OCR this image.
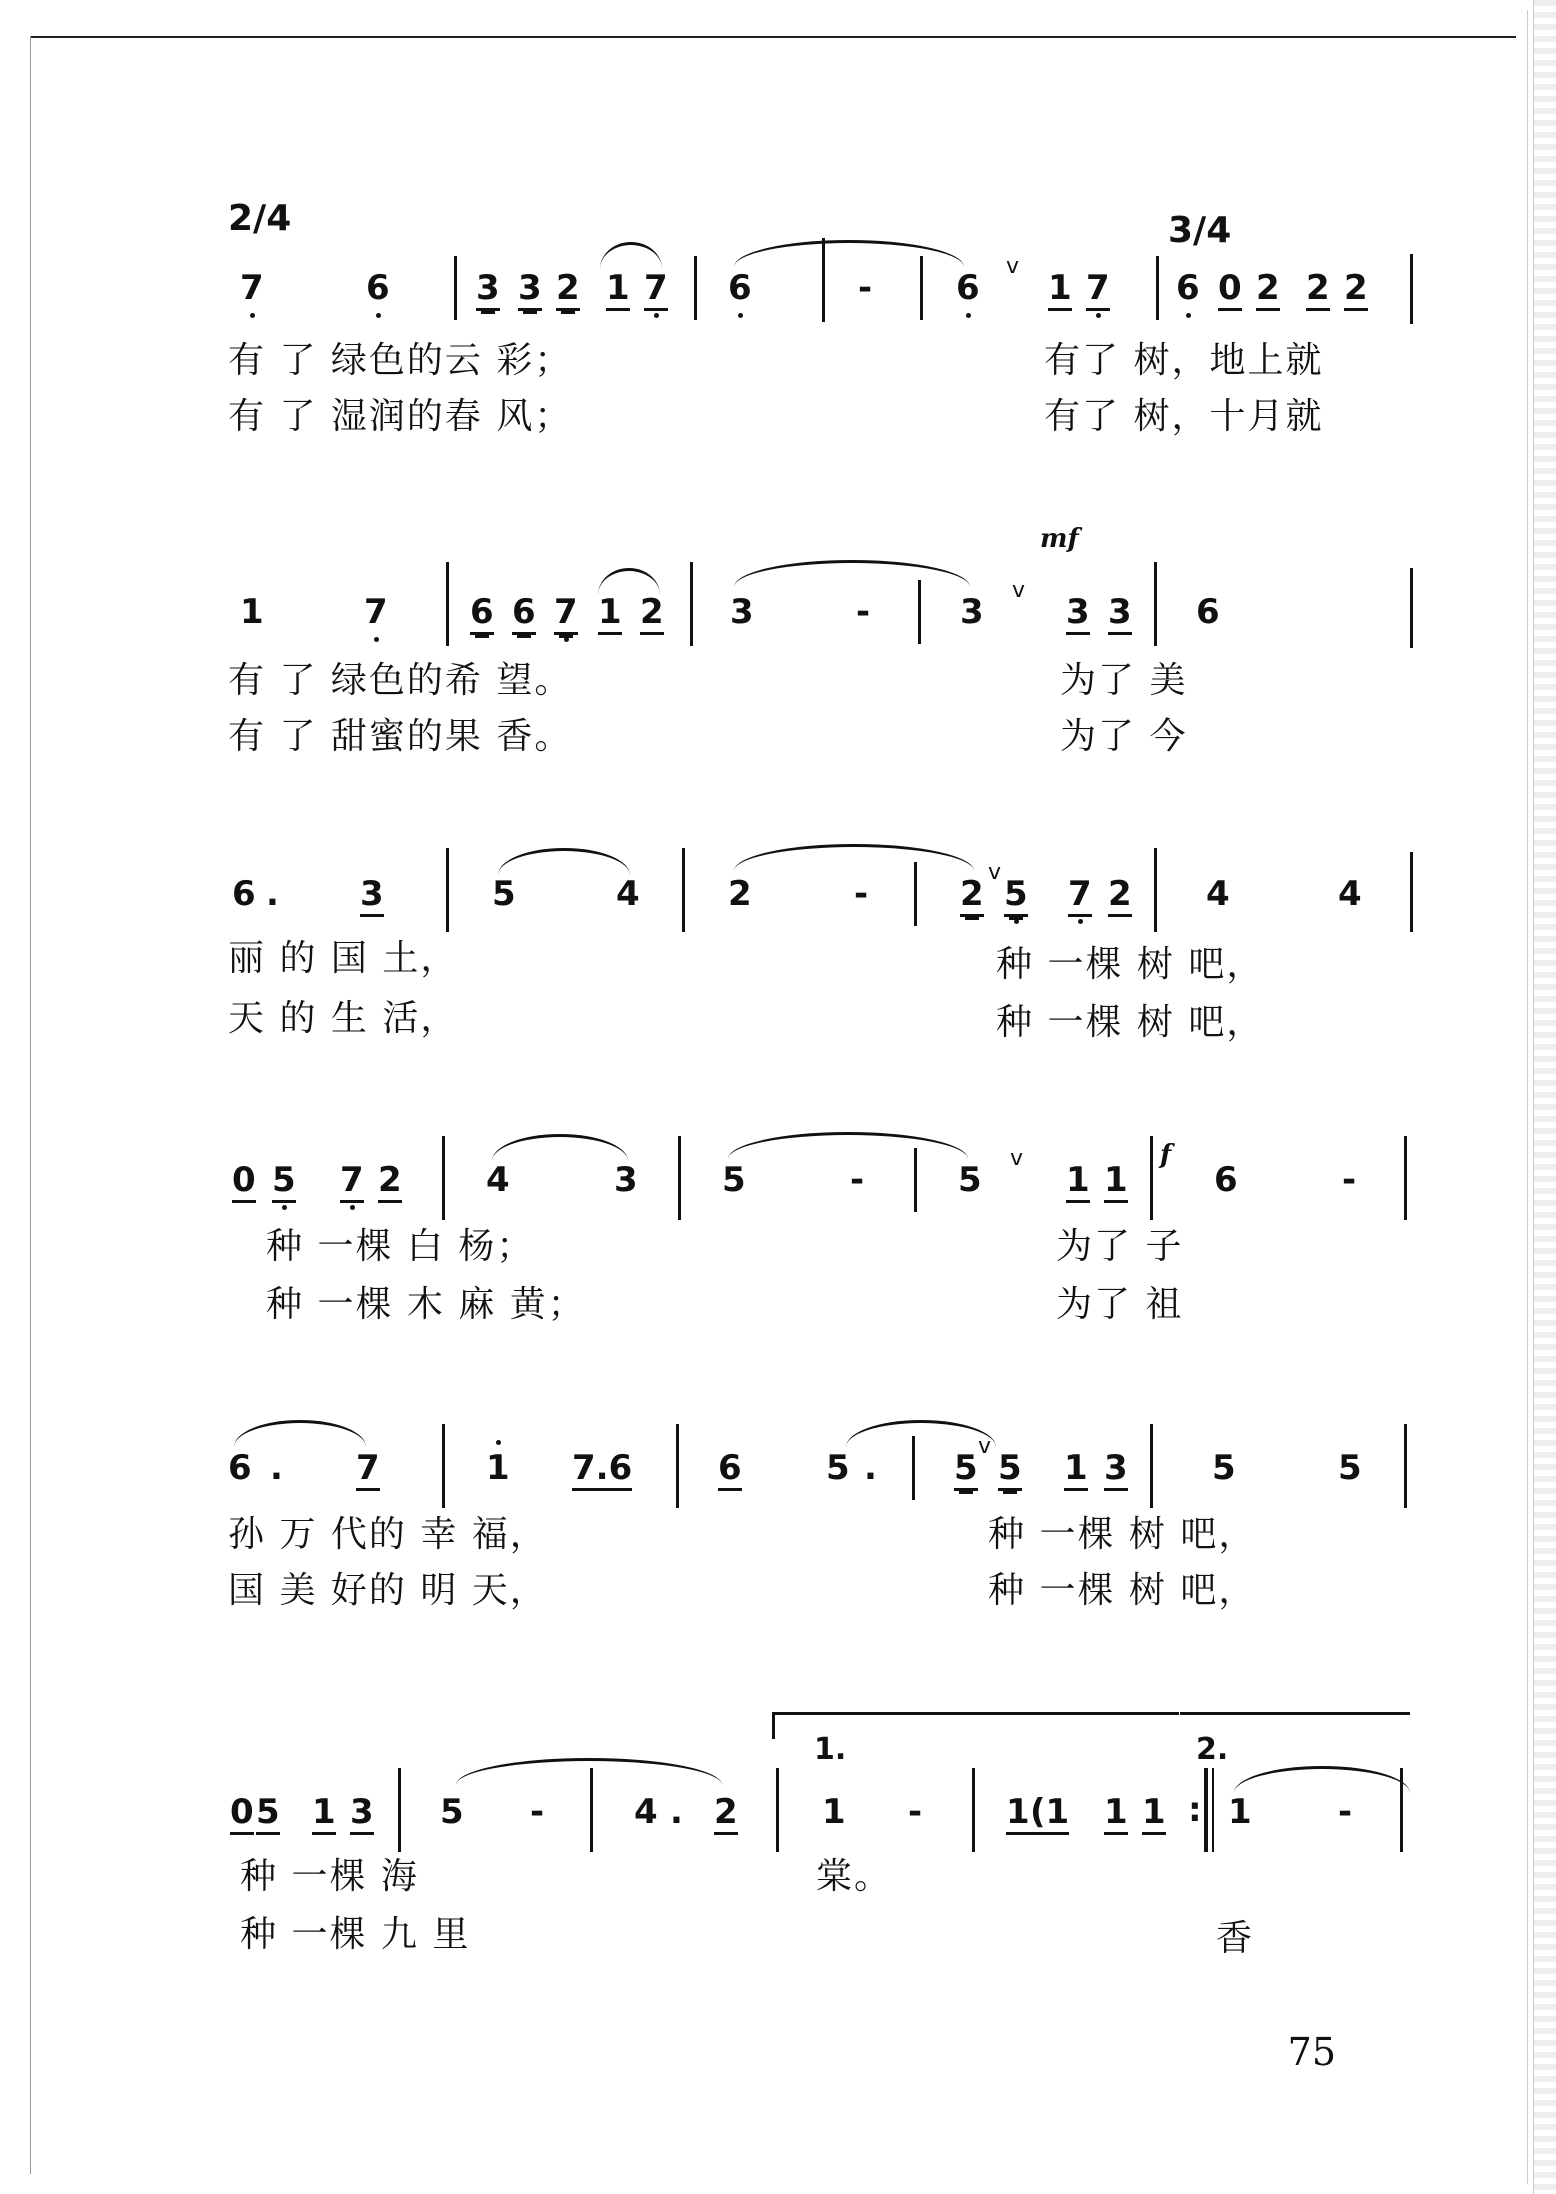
2/4	3/4
7	6	3 3 2 1 7 6	- 6
v
1 7 6 0 2 2 2
有 了 绿色的云 彩；	有了 树，地上就
有 了 湿润的春 风；	有了 树，十月就
mf
1	7 6 6 7 1 2 3	-	3
v
3 3 6
有 了 绿色的希 望。	为了 美
有 了 甜蜜的果 香。	为了 今
6 . 3	5	4	2	-	2
v
5 7 2 4	4
丽 的 国 土，	种 一棵 树 吧，
天 的 生 活，	种 一棵 树 吧，
0 5 7 2 4	3 5	-	5
v
1 1
f
6	-
种 一棵 白 杨；	为了 子
种 一棵 木 麻 黄；	为了 祖
6 . 7	1 7.6	6 5 . 5
v
5 1 3 5	5
孙 万 代的 幸 福，	种 一棵 树 吧，
国 美 好的 明 天，	种 一棵 树 吧，
1.	2.
0 5 1 3 5 -	4 . 2 1 - 1 (1 1 1 : 1	-
种 一棵 海	棠。
种 一棵 九 里	香
75
